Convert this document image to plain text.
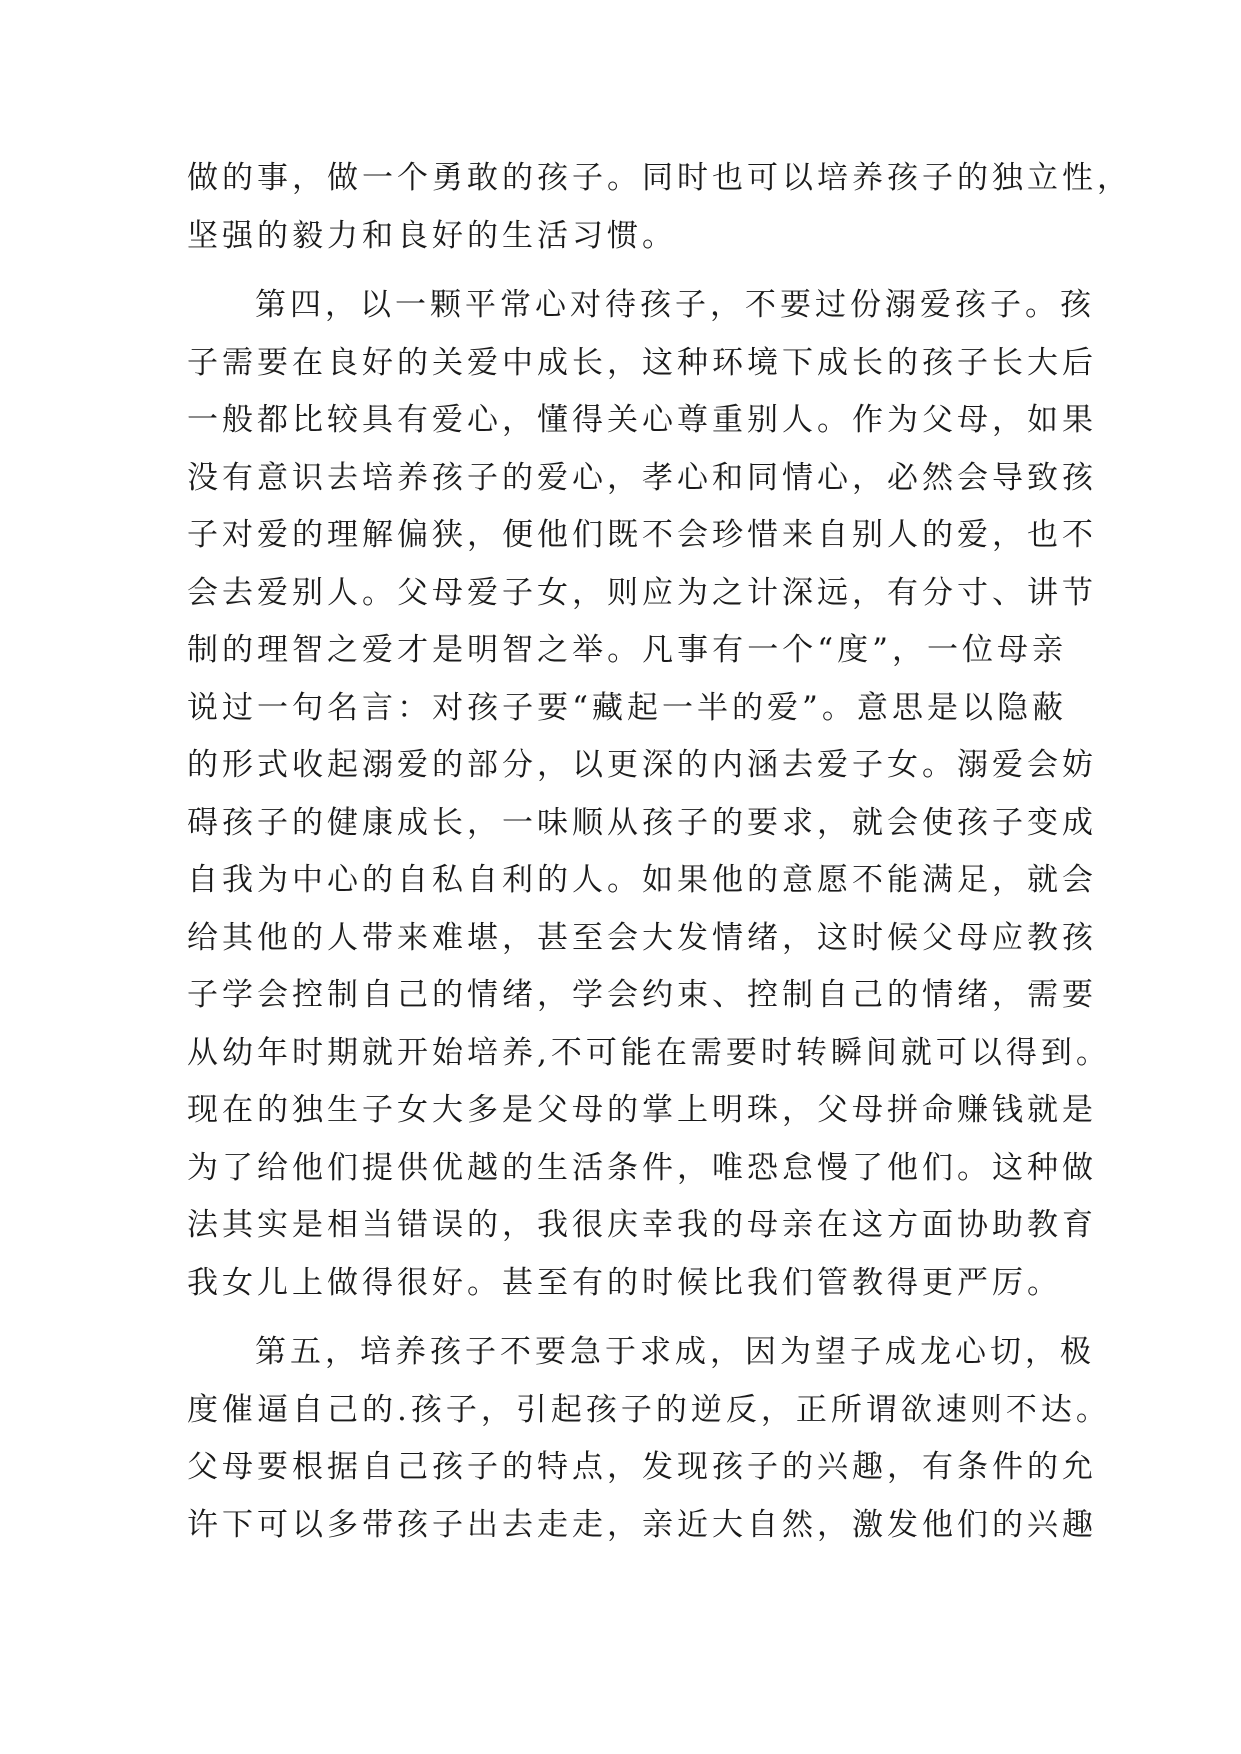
做的事，做一个勇敢的孩子。同时也可以培养孩子的独立性，
坚强的毅力和良好的生活习惯。
第四，以一颗平常心对待孩子，不要过份溺爱孩子。孩
子需要在良好的关爱中成长，这种环境下成长的孩子长大后
一般都比较具有爱心，懂得关心尊重别人。作为父母，如果
没有意识去培养孩子的爱心，孝心和同情心，必然会导致孩
子对爱的理解偏狭，便他们既不会珍惜来自别人的爱，也不
会去爱别人。父母爱子女，则应为之计深远，有分寸、讲节
制的理智之爱才是明智之举。凡事有一个“度”，一位母亲
说过一句名言：对孩子要“藏起一半的爱”。意思是以隐蔽
的形式收起溺爱的部分，以更深的内涵去爱子女。溺爱会妨
碍孩子的健康成长，一味顺从孩子的要求，就会使孩子变成
自我为中心的自私自利的人。如果他的意愿不能满足，就会
给其他的人带来难堪，甚至会大发情绪，这时候父母应教孩
子学会控制自己的情绪，学会约束、控制自己的情绪，需要
从幼年时期就开始培养,不可能在需要时转瞬间就可以得到。
现在的独生子女大多是父母的掌上明珠，父母拼命赚钱就是
为了给他们提供优越的生活条件，唯恐怠慢了他们。这种做
法其实是相当错误的，我很庆幸我的母亲在这方面协助教育
我女儿上做得很好。甚至有的时候比我们管教得更严厉。
第五，培养孩子不要急于求成，因为望子成龙心切，极
度催逼自己的.孩子，引起孩子的逆反，正所谓欲速则不达。
父母要根据自己孩子的特点，发现孩子的兴趣，有条件的允
许下可以多带孩子出去走走，亲近大自然，激发他们的兴趣
